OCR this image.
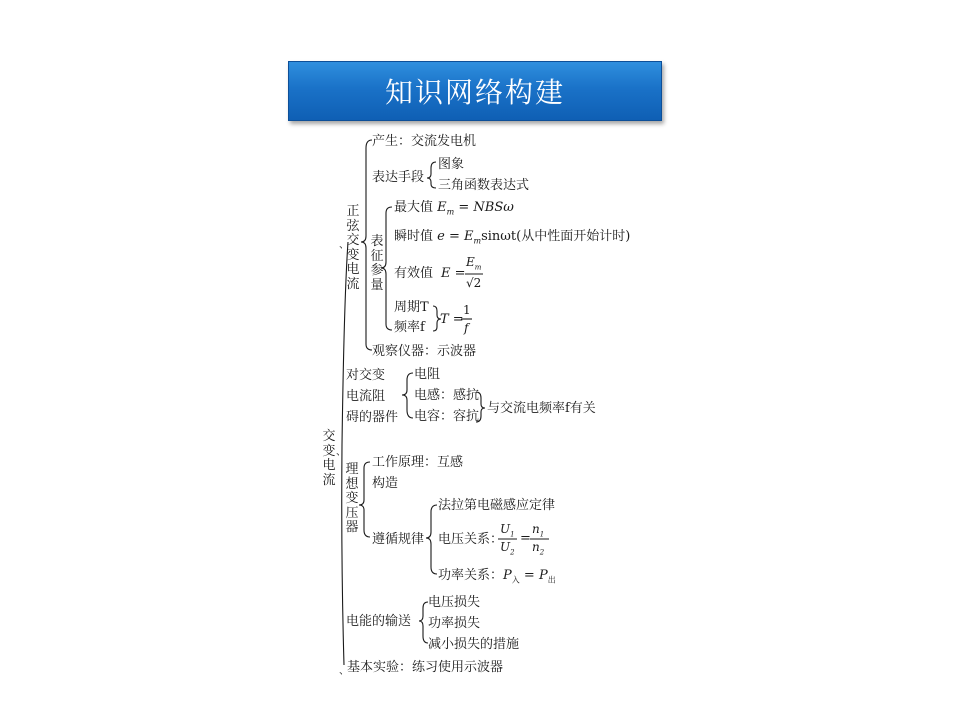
知识网络构建
、
、
正弦交变电流
产生：交流发电机
表达手段
图象
三角函数表达式
表征参量
最大值 $E_m = NBS\omega$
瞬时值 $e = E_m\sin\omega t$(从中性面开始计时)
有效值 E =
$E_m$
√2
周期T
频率f
T =
1
f
观察仪器：示波器
对交变
电流阻
碍的器件
电阻
电感：感抗
电容：容抗
与交流电频率f有关
交变电流
、
理想变压器
工作原理：互感
构造
遵循规律
法拉第电磁感应定律
电压关系：
$U_1$
$U_2$
=
$n_1$
$n_2$
功率关系：$P_入 = P_出$
电能的输送
电压损失
功率损失
减小损失的措施
基本实验：练习使用示波器
